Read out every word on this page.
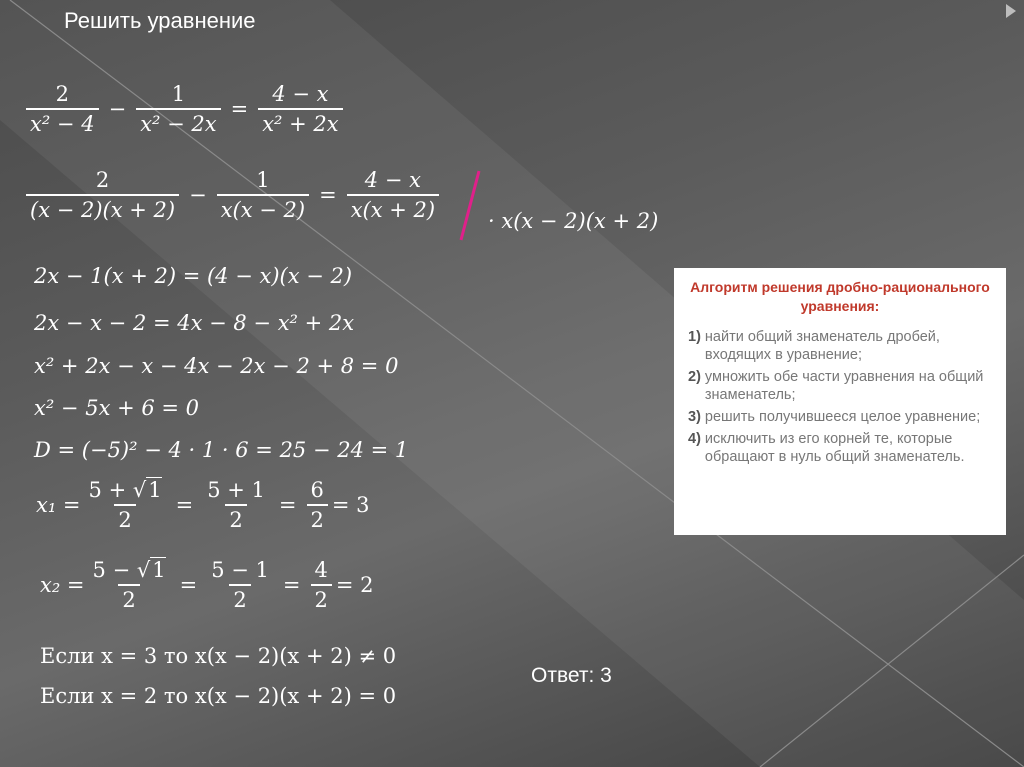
Решить уравнение
$\frac{2}{\text{x² − 4}} - \frac{1}{\text{x² − 2x}} = \frac{4 - x}{\text{x² + 2x}}$
$\frac{2}{(x - 2)(x + 2)} - \frac{1}{x(x - 2)} = \frac{4 - x}{x(x + 2)} \cdot x(x - 2)(x + 2)$
2x − 1(x + 2) = (4 − x)(x − 2)
2x − x − 2 = 4x − 8 − x² + 2x
x² + 2x − x − 4x − 2x − 2 + 8 = 0
x² − 5x + 6 = 0
D = (−5)² − 4 · 1 · 6 = 25 − 24 = 1
$x_1 = \frac{5 + √1}{2} = \frac{5 + 1}{2} = \frac{6}{2} = 3$
$x_2 = \frac{5 - √1}{2} = \frac{5 - 1}{2} = \frac{4}{2} = 2$
Если x = 3 то x(x − 2)(x + 2) ≠ 0
Если x = 2 то x(x − 2)(x + 2) = 0
Ответ: 3
Алгоритм решения дробно-рационального уравнения:
1) найти общий знаменатель дробей, входящих в уравнение;
2) умножить обе части уравнения на общий знаменатель;
3) решить получившееся целое уравнение;
4) исключить из его корней те, которые обращают в нуль общий знаменатель.
